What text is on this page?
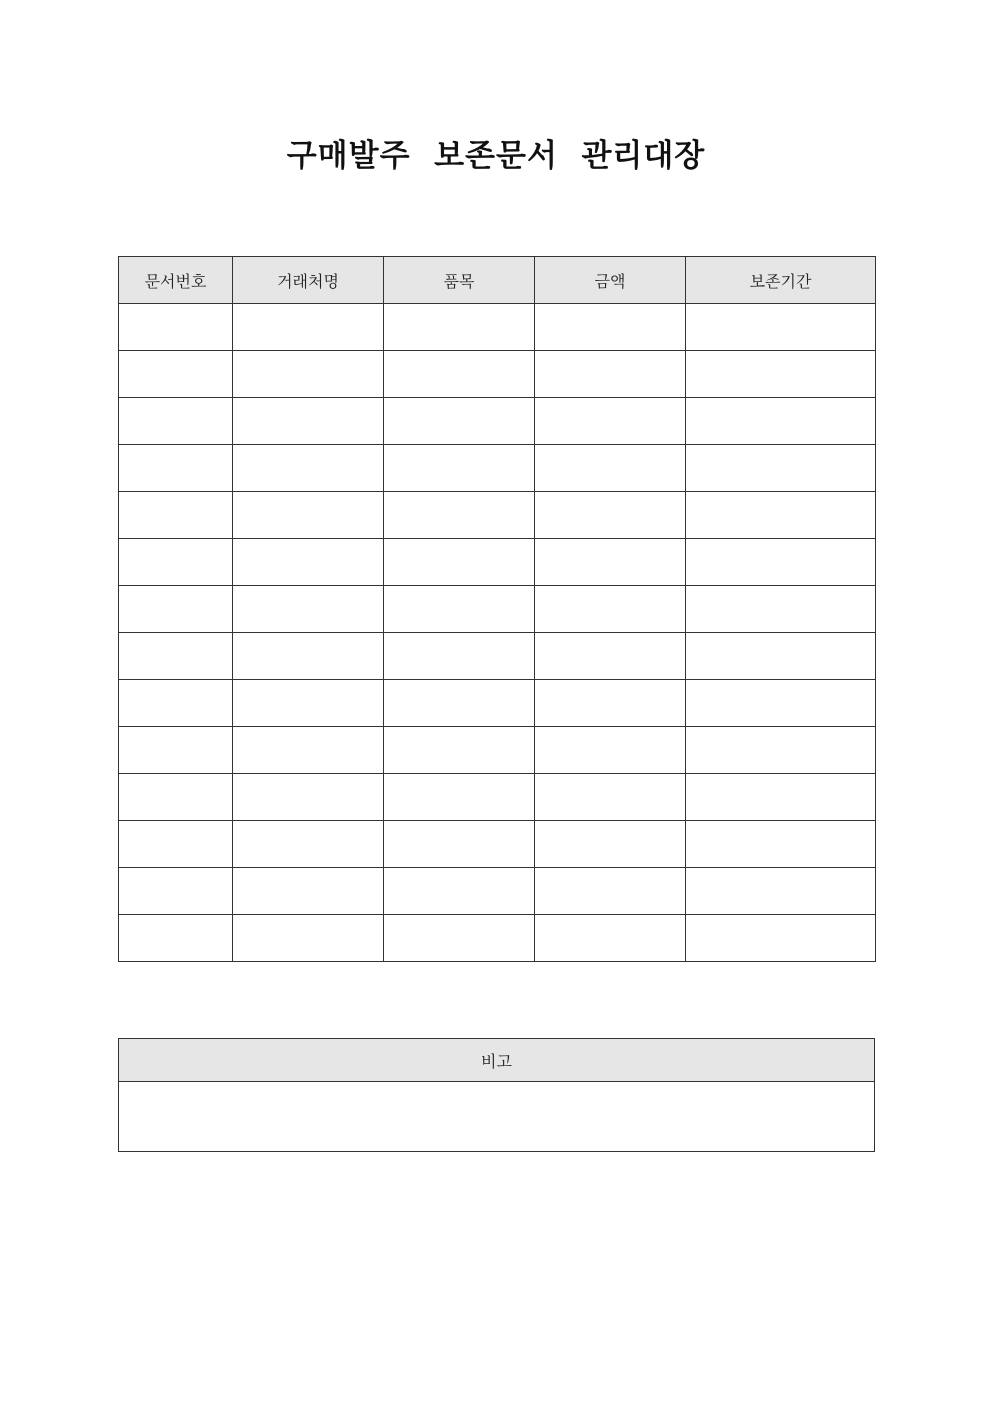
구매발주  보존문서  관리대장
문서번호	거래처명	품목	금액	보존기간

비고
